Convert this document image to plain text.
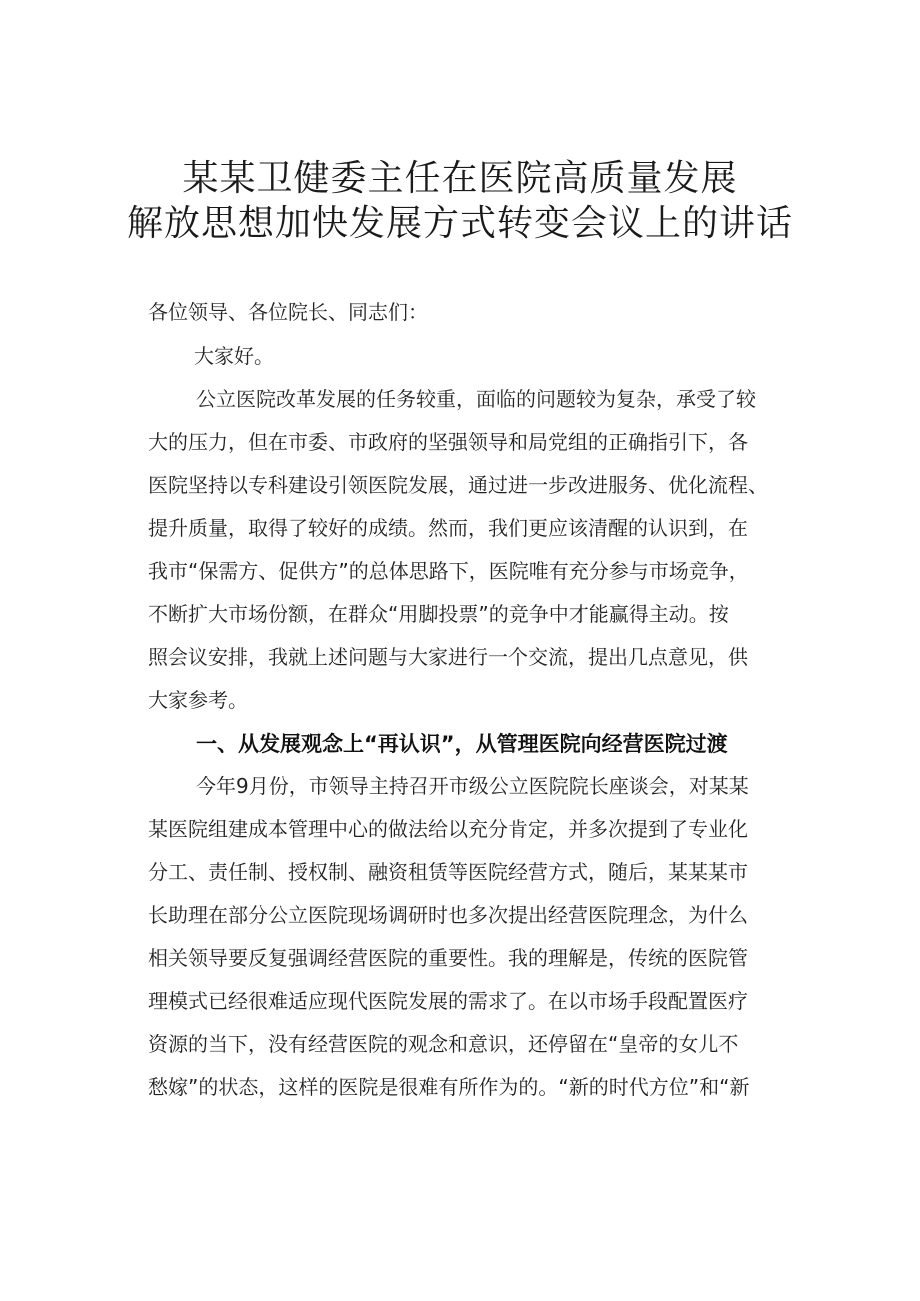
某某卫健委主任在医院高质量发展
解放思想加快发展方式转变会议上的讲话
各位领导、各位院长、同志们：
大家好。
公立医院改革发展的任务较重，面临的问题较为复杂，承受了较
大的压力，但在市委、市政府的坚强领导和局党组的正确指引下，各
医院坚持以专科建设引领医院发展，通过进一步改进服务、优化流程、
提升质量，取得了较好的成绩。然而，我们更应该清醒的认识到，在
我市“保需方、促供方”的总体思路下，医院唯有充分参与市场竞争，
不断扩大市场份额，在群众“用脚投票”的竞争中才能赢得主动。按
照会议安排，我就上述问题与大家进行一个交流，提出几点意见，供
大家参考。
一、从发展观念上“再认识”，从管理医院向经营医院过渡
今年9月份，市领导主持召开市级公立医院院长座谈会，对某某
某医院组建成本管理中心的做法给以充分肯定，并多次提到了专业化
分工、责任制、授权制、融资租赁等医院经营方式，随后，某某某市
长助理在部分公立医院现场调研时也多次提出经营医院理念，为什么
相关领导要反复强调经营医院的重要性。我的理解是，传统的医院管
理模式已经很难适应现代医院发展的需求了。在以市场手段配置医疗
资源的当下，没有经营医院的观念和意识，还停留在“皇帝的女儿不
愁嫁”的状态，这样的医院是很难有所作为的。“新的时代方位”和“新
